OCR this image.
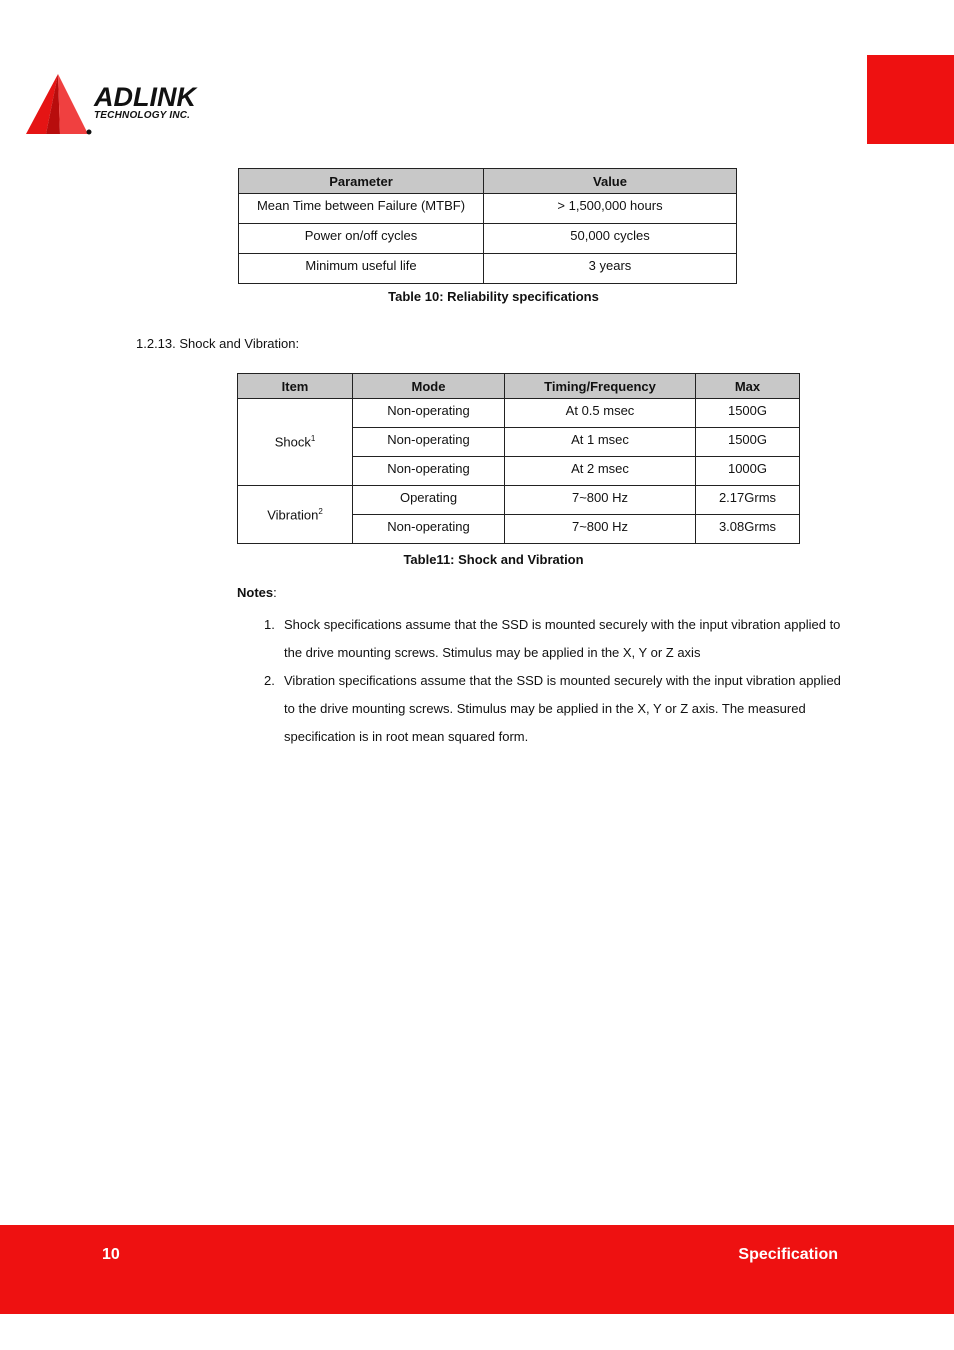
ADLINK
TECHNOLOGY INC.
Parameter	Value
Mean Time between Failure (MTBF)	> 1,500,000 hours
Power on/off cycles	50,000 cycles
Minimum useful life	3 years
Table 10: Reliability specifications
1.2.13. Shock and Vibration:
Item	Mode	Timing/Frequency	Max
Shock$^1$	Non-operating	At 0.5 msec	1500G
	Non-operating	At 1 msec	1500G
	Non-operating	At 2 msec	1000G
Vibration$^2$	Operating	7~800 Hz	2.17Grms
	Non-operating	7~800 Hz	3.08Grms
Table11: Shock and Vibration
Notes:
1. Shock specifications assume that the SSD is mounted securely with the input vibration applied to the drive mounting screws. Stimulus may be applied in the X, Y or Z axis
2. Vibration specifications assume that the SSD is mounted securely with the input vibration applied to the drive mounting screws. Stimulus may be applied in the X, Y or Z axis. The measured specification is in root mean squared form.
10	Specification
